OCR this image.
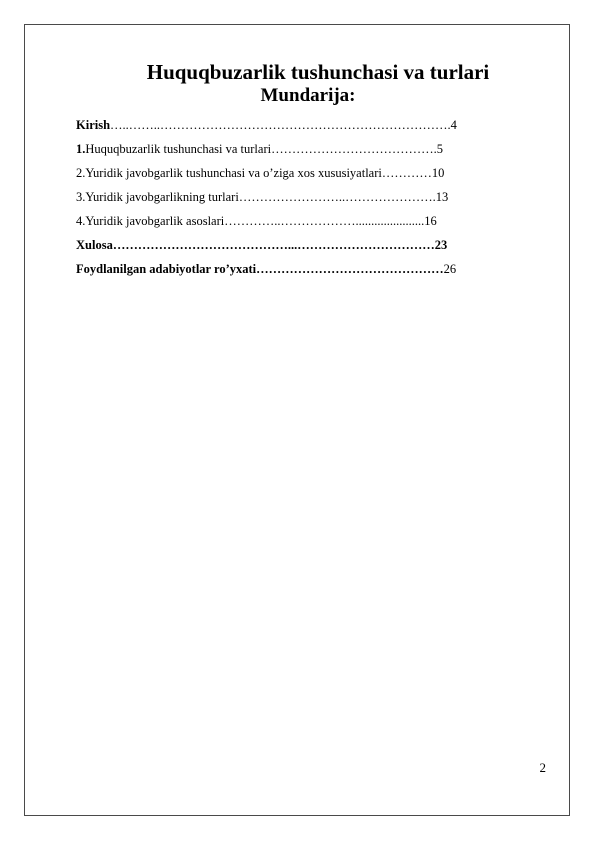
Huquqbuzarlik tushunchasi va turlari
Mundarija:
Kirish…..……..…………………………………………………………….4
1.Huquqbuzarlik tushunchasi va turlari………………………………….5
2.Yuridik javobgarlik tushunchasi va o’ziga xos xususiyatlari…………10
3.Yuridik javobgarlikning turlari……………………..………………….13
4.Yuridik javobgarlik asoslari…………..………………......................16
Xulosa……………………………………...……………………………23
Foydlanilgan adabiyotlar ro’yxati………………………………………26
2
